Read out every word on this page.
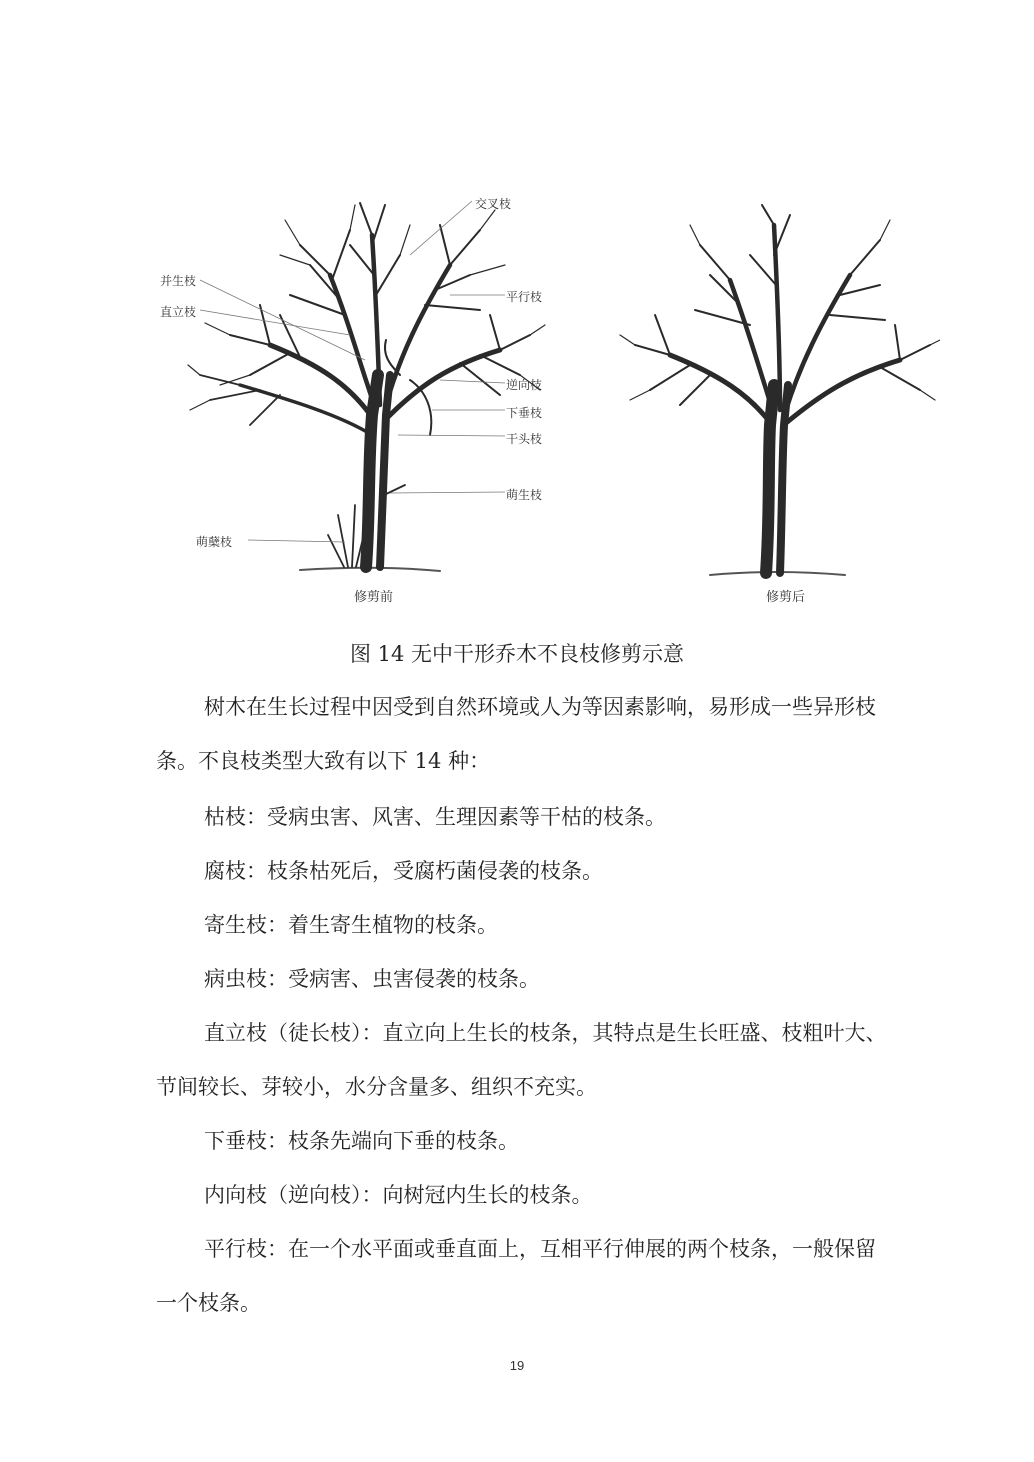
交叉枝
并生枝
直立枝
平行枝
逆向枝
下垂枝
干头枝
萌生枝
萌蘖枝
修剪前	修剪后
图 14 无中干形乔木不良枝修剪示意
树木在生长过程中因受到自然环境或人为等因素影响，易形成一些异形枝条。不良枝类型大致有以下 14 种：
枯枝：受病虫害、风害、生理因素等干枯的枝条。
腐枝：枝条枯死后，受腐朽菌侵袭的枝条。
寄生枝：着生寄生植物的枝条。
病虫枝：受病害、虫害侵袭的枝条。
直立枝（徒长枝）：直立向上生长的枝条，其特点是生长旺盛、枝粗叶大、节间较长、芽较小，水分含量多、组织不充实。
下垂枝：枝条先端向下垂的枝条。
内向枝（逆向枝）：向树冠内生长的枝条。
平行枝：在一个水平面或垂直面上，互相平行伸展的两个枝条，一般保留一个枝条。
19
